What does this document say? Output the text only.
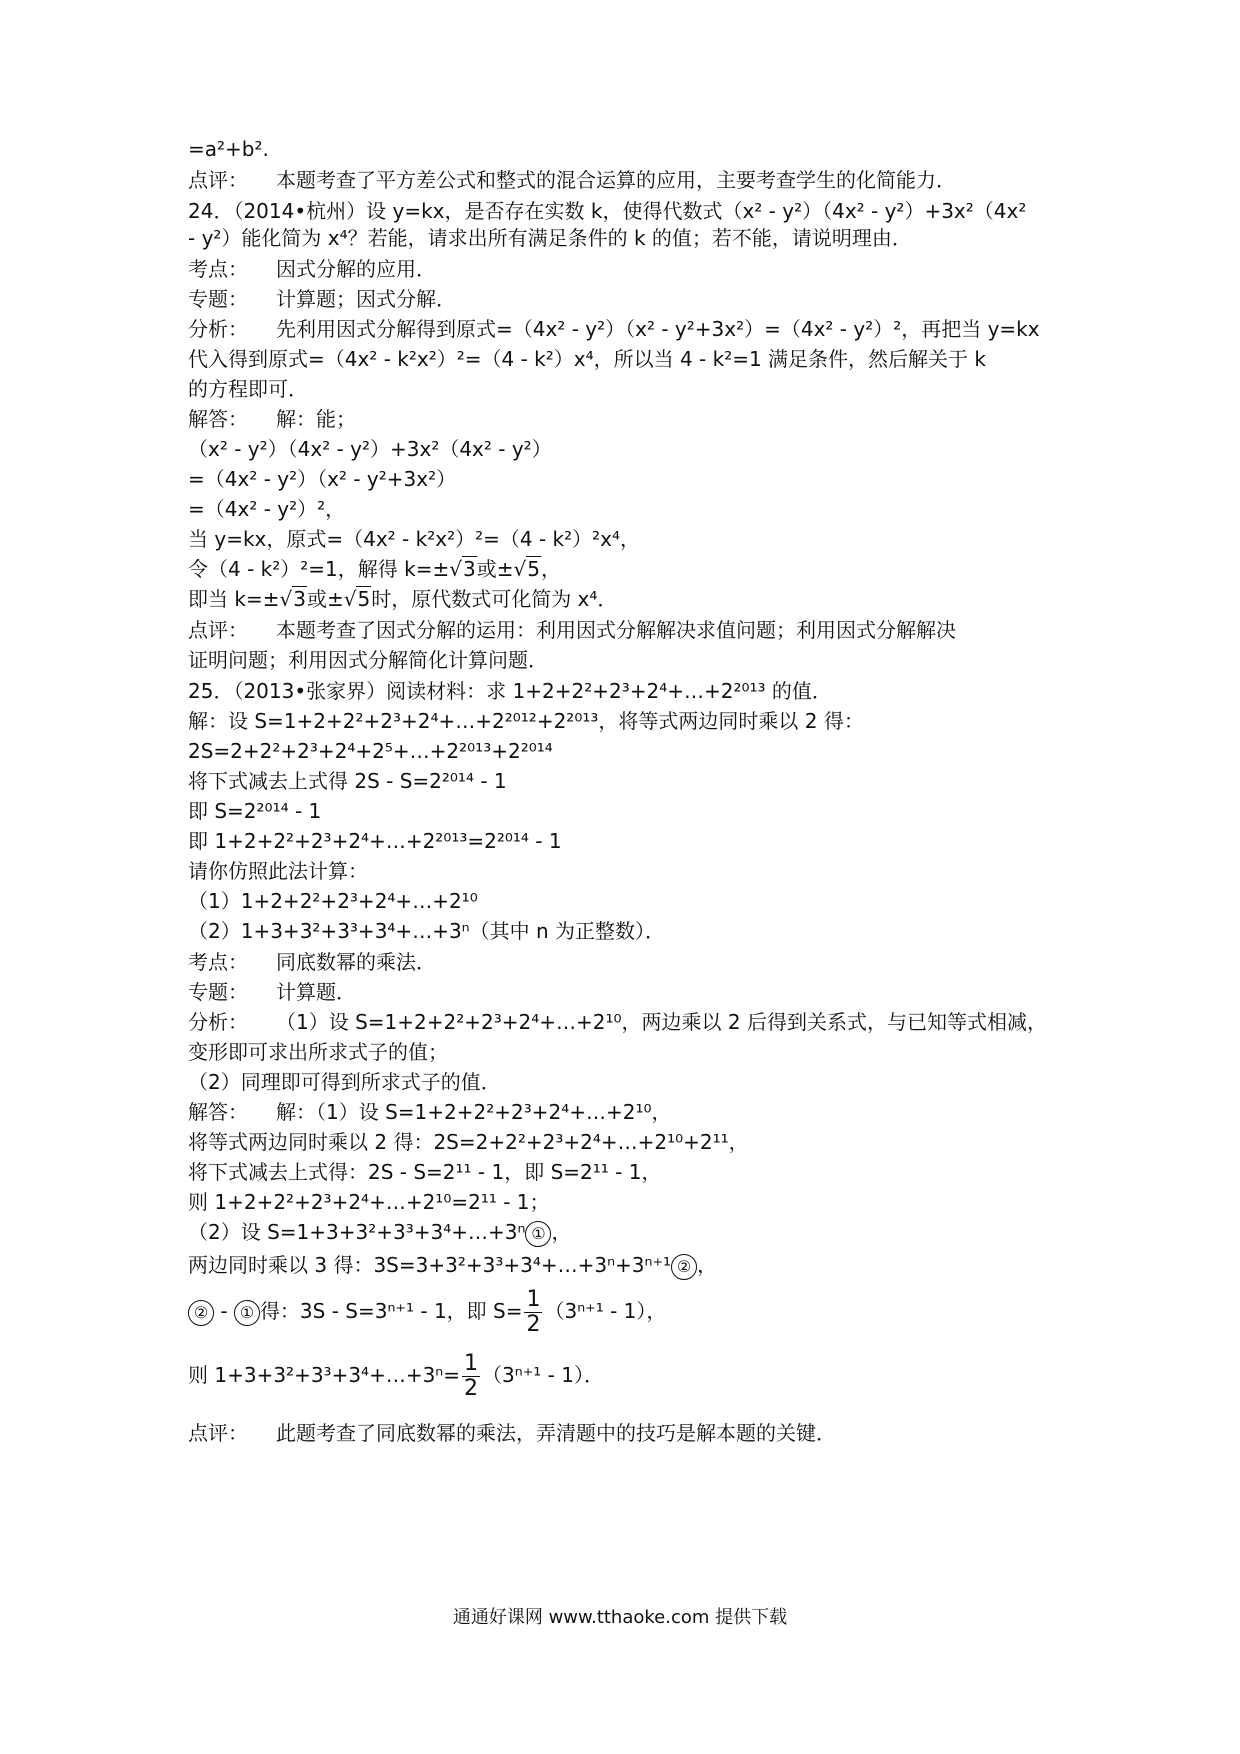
=a²+b².
点评： 本题考查了平方差公式和整式的混合运算的应用，主要考查学生的化简能力．
24．（2014•杭州）设 y=kx，是否存在实数 k，使得代数式（x² - y²）（4x² - y²）+3x²（4x²
- y²）能化简为 x⁴？若能，请求出所有满足条件的 k 的值；若不能，请说明理由．
考点： 因式分解的应用．
专题： 计算题；因式分解．
分析： 先利用因式分解得到原式=（4x² - y²）（x² - y²+3x²）=（4x² - y²）²，再把当 y=kx
代入得到原式=（4x² - k²x²）²=（4 - k²）x⁴，所以当 4 - k²=1 满足条件，然后解关于 k
的方程即可．
解答： 解：能；
（x² - y²）（4x² - y²）+3x²（4x² - y²）
=（4x² - y²）（x² - y²+3x²）
=（4x² - y²）²，
当 y=kx，原式=（4x² - k²x²）²=（4 - k²）²x⁴，
令（4 - k²）²=1，解得 k=±√3或±√5，
即当 k=±√3或±√5时，原代数式可化简为 x⁴．
点评： 本题考查了因式分解的运用：利用因式分解解决求值问题；利用因式分解解决
证明问题；利用因式分解简化计算问题．
25．（2013•张家界）阅读材料：求 1+2+2²+2³+2⁴+…+2²⁰¹³ 的值．
解：设 S=1+2+2²+2³+2⁴+…+2²⁰¹²+2²⁰¹³，将等式两边同时乘以 2 得：
2S=2+2²+2³+2⁴+2⁵+…+2²⁰¹³+2²⁰¹⁴
将下式减去上式得 2S - S=2²⁰¹⁴ - 1
即 S=2²⁰¹⁴ - 1
即 1+2+2²+2³+2⁴+…+2²⁰¹³=2²⁰¹⁴ - 1
请你仿照此法计算：
（1）1+2+2²+2³+2⁴+…+2¹⁰
（2）1+3+3²+3³+3⁴+…+3ⁿ（其中 n 为正整数）．
考点： 同底数幂的乘法．
专题： 计算题．
分析： （1）设 S=1+2+2²+2³+2⁴+…+2¹⁰，两边乘以 2 后得到关系式，与已知等式相减，
变形即可求出所求式子的值；
（2）同理即可得到所求式子的值．
解答： 解：（1）设 S=1+2+2²+2³+2⁴+…+2¹⁰，
将等式两边同时乘以 2 得：2S=2+2²+2³+2⁴+…+2¹⁰+2¹¹，
将下式减去上式得：2S - S=2¹¹ - 1，即 S=2¹¹ - 1，
则 1+2+2²+2³+2⁴+…+2¹⁰=2¹¹ - 1；
（2）设 S=1+3+3²+3³+3⁴+…+3ⁿ ① ，
两边同时乘以 3 得：3S=3+3²+3³+3⁴+…+3ⁿ+3ⁿ⁺¹ ② ，
② - ① 得：3S - S=3ⁿ⁺¹ - 1，即 $S= \frac{1}{2} (3^{n+1} - 1)$，
则 1+3+3²+3³+3⁴+…+3ⁿ= $\frac{1}{2} (3^{n+1} - 1)$．
点评： 此题考查了同底数幂的乘法，弄清题中的技巧是解本题的关键．
通通好课网 www.tthaoke.com 提供下载
